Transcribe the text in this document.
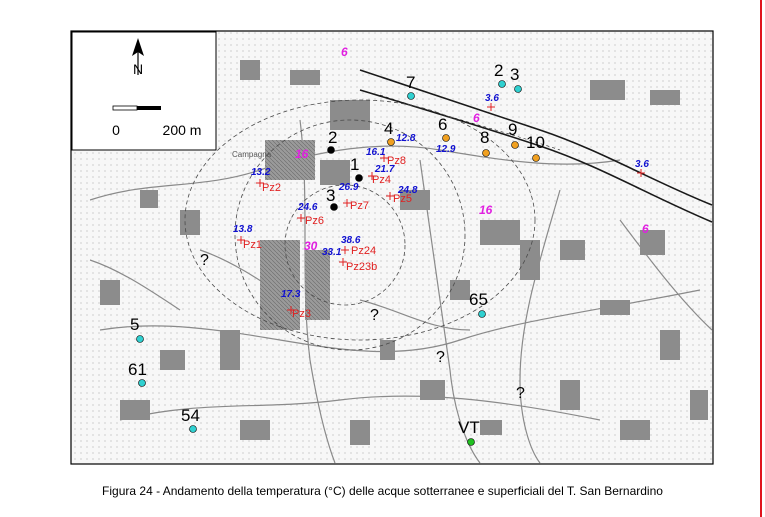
N
0	200 m
Campagna
?
?
?
?
6
6
16
16
6
30
2
1
3
7
2 3
4	6
8 9
10
65
5
61
54
VT
Pz2
Pz1
Pz6
Pz3
Pz7
Pz8
Pz4
Pz5
Pz24
Pz23b
13.2
13.8
24.6
17.3
26.9
16.1
21.7
24.8
38.6
33.1
12.8
12.9
3.6
3.6
Figura 24 - Andamento della temperatura (°C) delle acque sotterranee e superficiali del T. San Bernardino
